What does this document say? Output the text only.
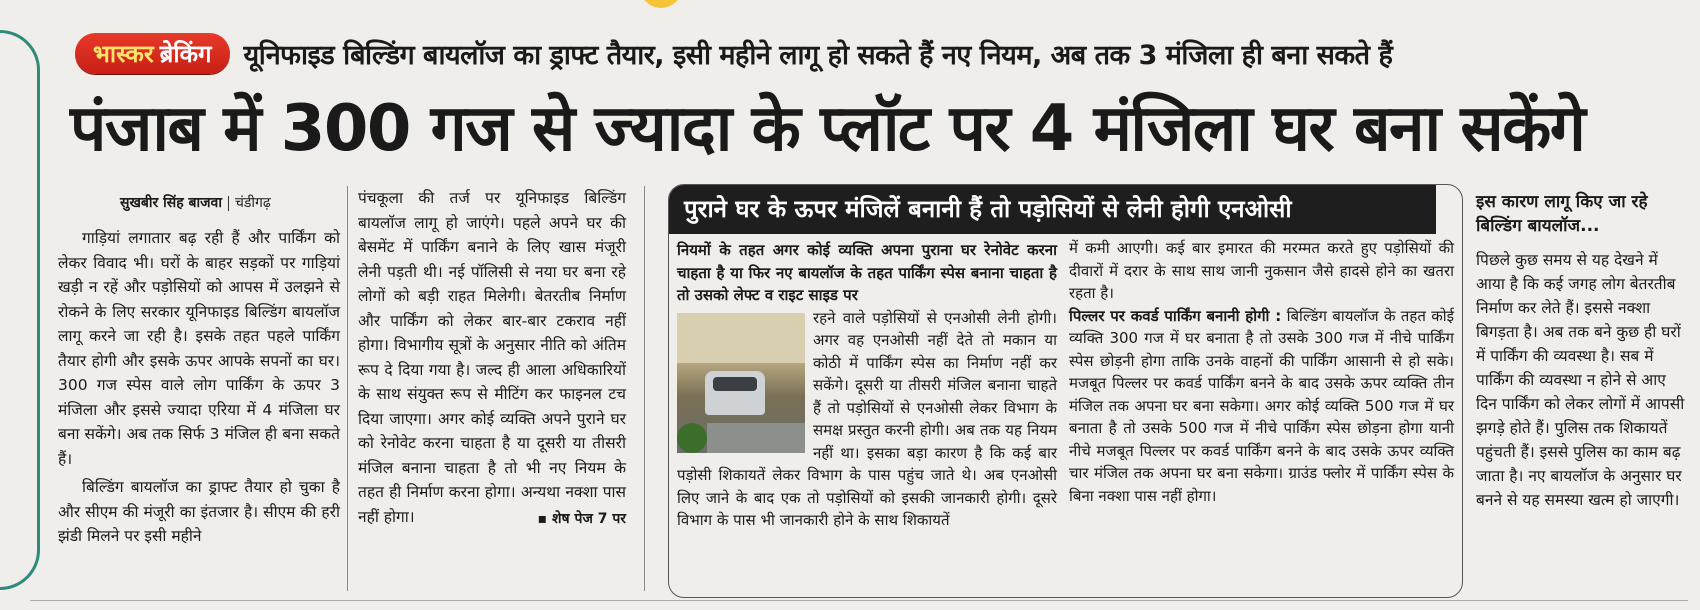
भास्कर ब्रेकिंग	यूनिफाइड बिल्डिंग बायलॉज का ड्राफ्ट तैयार, इसी महीने लागू हो सकते हैं नए नियम, अब तक 3 मंजिला ही बना सकते हैं
पंजाब में 300 गज से ज्यादा के प्लॉट पर 4 मंजिला घर बना सकेंगे
सुखबीर सिंह बाजवा चंडीगढ़

गाड़ियां लगातार बढ़ रही हैं और पार्किंग को लेकर विवाद भी। घरों के बाहर सड़कों पर गाड़ियां खड़ी न रहें और पड़ोसियों को आपस में उलझने से रोकने के लिए सरकार यूनिफाइड बिल्डिंग बायलॉज लागू करने जा रही है। इसके तहत पहले पार्किंग तैयार होगी और इसके ऊपर आपके सपनों का घर। 300 गज स्पेस वाले लोग पार्किंग के ऊपर 3 मंजिला और इससे ज्यादा एरिया में 4 मंजिला घर बना सकेंगे। अब तक सिर्फ 3 मंजिल ही बना सकते हैं।

बिल्डिंग बायलॉज का ड्राफ्ट तैयार हो चुका है और सीएम की मंजूरी का इंतजार है। सीएम की हरी झंडी मिलने पर इसी महीने

पंचकूला की तर्ज पर यूनिफाइड बिल्डिंग बायलॉज लागू हो जाएंगे। पहले अपने घर की बेसमेंट में पार्किंग बनाने के लिए खास मंजूरी लेनी पड़ती थी। नई पॉलिसी से नया घर बना रहे लोगों को बड़ी राहत मिलेगी। बेतरतीब निर्माण और पार्किंग को लेकर बार-बार टकराव नहीं होगा। विभागीय सूत्रों के अनुसार नीति को अंतिम रूप दे दिया गया है। जल्द ही आला अधिकारियों के साथ संयुक्त रूप से मीटिंग कर फाइनल टच दिया जाएगा। अगर कोई व्यक्ति अपने पुराने घर को रेनोवेट करना चाहता है या दूसरी या तीसरी मंजिल बनाना चाहता है तो भी नए नियम के तहत ही निर्माण करना होगा। अन्यथा नक्शा पास नहीं होगा।	▪ शेष पेज 7 पर

पुराने घर के ऊपर मंजिलें बनानी हैं तो पड़ोसियों से लेनी होगी एनओसी

नियमों के तहत अगर कोई व्यक्ति अपना पुराना घर रेनोवेट करना चाहता है या फिर नए बायलॉज के तहत पार्किंग स्पेस बनाना चाहता है तो उसको लेफ्ट व राइट साइड पर

रहने वाले पड़ोसियों से एनओसी लेनी होगी। अगर वह एनओसी नहीं देते तो मकान या कोठी में पार्किंग स्पेस का निर्माण नहीं कर सकेंगे। दूसरी या तीसरी मंजिल बनाना चाहते हैं तो पड़ोसियों से एनओसी लेकर विभाग के समक्ष प्रस्तुत करनी होगी। अब तक यह नियम नहीं था। इसका बड़ा कारण है कि कई बार पड़ोसी शिकायतें लेकर विभाग के पास पहुंच जाते थे। अब एनओसी लिए जाने के बाद एक तो पड़ोसियों को इसकी जानकारी होगी। दूसरे विभाग के पास भी जानकारी होने के साथ शिकायतें

में कमी आएगी। कई बार इमारत की मरम्मत करते हुए पड़ोसियों की दीवारों में दरार के साथ साथ जानी नुकसान जैसे हादसे होने का खतरा रहता है।

पिल्लर पर कवर्ड पार्किंग बनानी होगी : बिल्डिंग बायलॉज के तहत कोई व्यक्ति 300 गज में घर बनाता है तो उसके 300 गज में नीचे पार्किंग स्पेस छोड़नी होगा ताकि उनके वाहनों की पार्किंग आसानी से हो सके। मजबूत पिल्लर पर कवर्ड पार्किंग बनने के बाद उसके ऊपर व्यक्ति तीन मंजिल तक अपना घर बना सकेगा। अगर कोई व्यक्ति 500 गज में घर बनाता है तो उसके 500 गज में नीचे पार्किंग स्पेस छोड़ना होगा यानी नीचे मजबूत पिल्लर पर कवर्ड पार्किंग बनने के बाद उसके ऊपर व्यक्ति चार मंजिल तक अपना घर बना सकेगा। ग्राउंड फ्लोर में पार्किंग स्पेस के बिना नक्शा पास नहीं होगा।

इस कारण लागू किए जा रहे बिल्डिंग बायलॉज...
पिछले कुछ समय से यह देखने में आया है कि कई जगह लोग बेतरतीब निर्माण कर लेते हैं। इससे नक्शा बिगड़ता है। अब तक बने कुछ ही घरों में पार्किंग की व्यवस्था है। सब में पार्किंग की व्यवस्था न होने से आए दिन पार्किंग को लेकर लोगों में आपसी झगड़े होते हैं। पुलिस तक शिकायतें पहुंचती हैं। इससे पुलिस का काम बढ़ जाता है। नए बायलॉज के अनुसार घर बनने से यह समस्या खत्म हो जाएगी।
